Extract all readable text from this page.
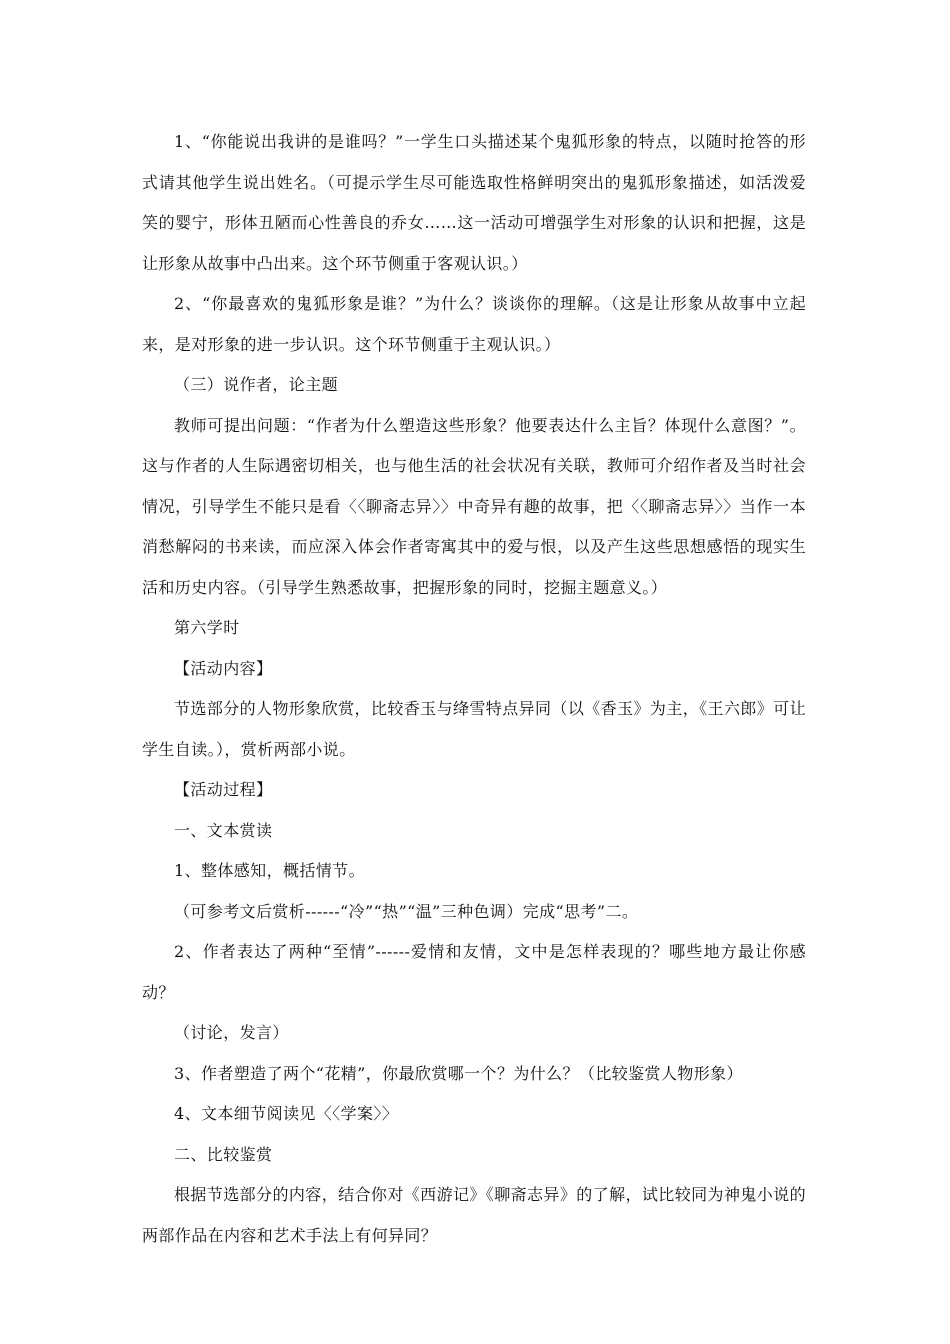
1、“你能说出我讲的是谁吗？”一学生口头描述某个鬼狐形象的特点，以随时抢答的形式请其他学生说出姓名。（可提示学生尽可能选取性格鲜明突出的鬼狐形象描述，如活泼爱笑的婴宁，形体丑陋而心性善良的乔女……这一活动可增强学生对形象的认识和把握，这是让形象从故事中凸出来。这个环节侧重于客观认识。）

2、“你最喜欢的鬼狐形象是谁？”为什么？谈谈你的理解。（这是让形象从故事中立起来，是对形象的进一步认识。这个环节侧重于主观认识。）

（三）说作者，论主题

教师可提出问题：“作者为什么塑造这些形象？他要表达什么主旨？体现什么意图？”。这与作者的人生际遇密切相关，也与他生活的社会状况有关联，教师可介绍作者及当时社会情况，引导学生不能只是看〈〈聊斋志异〉〉中奇异有趣的故事，把〈〈聊斋志异〉〉当作一本消愁解闷的书来读，而应深入体会作者寄寓其中的爱与恨，以及产生这些思想感悟的现实生活和历史内容。（引导学生熟悉故事，把握形象的同时，挖掘主题意义。）

第六学时

【活动内容】

节选部分的人物形象欣赏，比较香玉与绛雪特点异同（以《香玉》为主，《王六郎》可让学生自读。），赏析两部小说。

【活动过程】

一、文本赏读

1、整体感知，概括情节。

（可参考文后赏析------“冷”“热”“温”三种色调）完成“思考”二。

2、作者表达了两种“至情”------爱情和友情，文中是怎样表现的？哪些地方最让你感动？

（讨论，发言）

3、作者塑造了两个“花精”，你最欣赏哪一个？为什么？（比较鉴赏人物形象）

4、文本细节阅读见〈〈学案〉〉

二、比较鉴赏

根据节选部分的内容，结合你对《西游记》《聊斋志异》的了解，试比较同为神鬼小说的两部作品在内容和艺术手法上有何异同？
